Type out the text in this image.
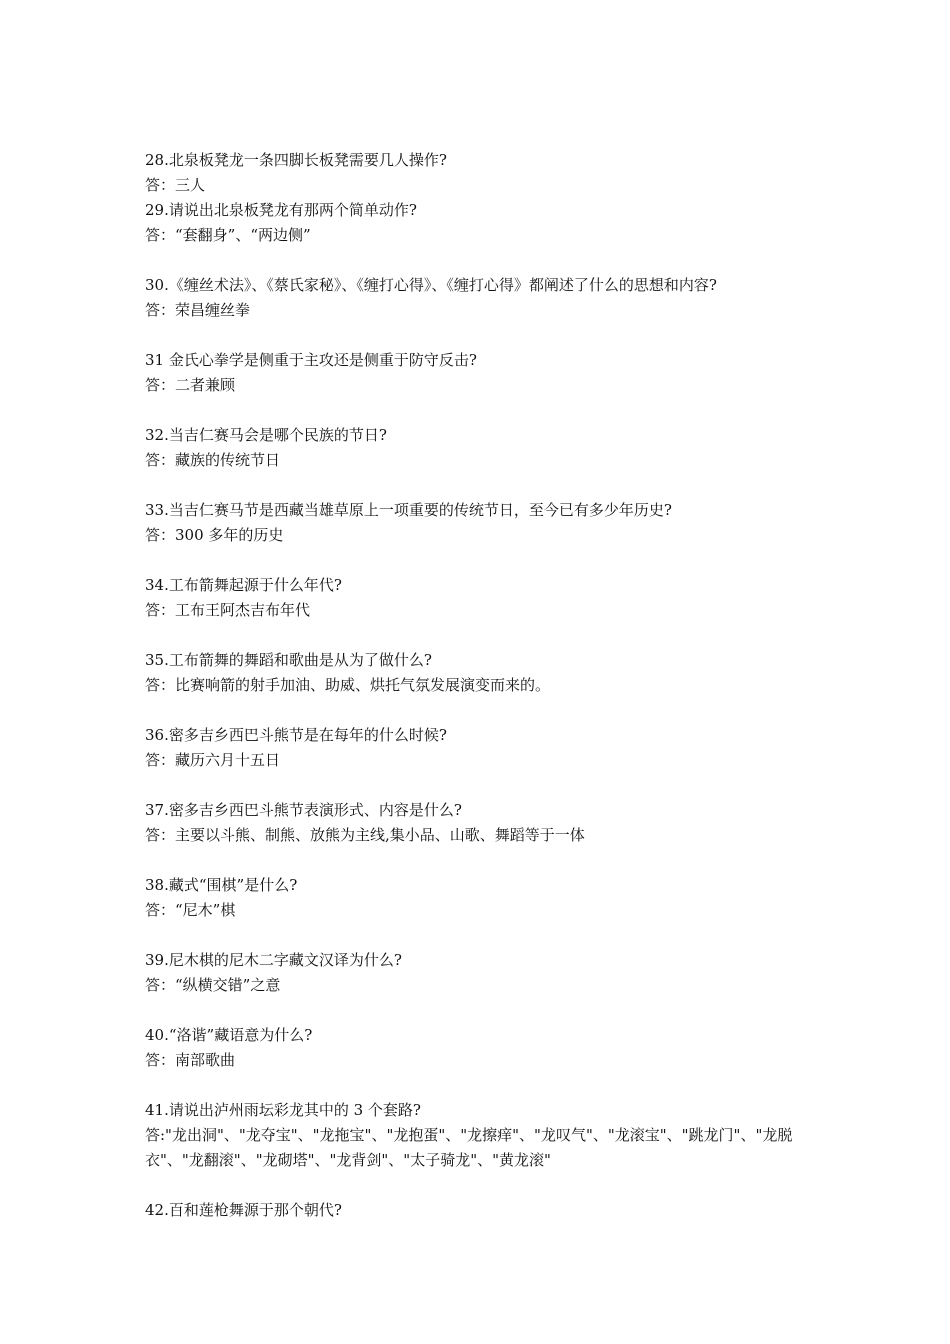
28.北泉板凳龙一条四脚长板凳需要几人操作?
答：三人
29.请说出北泉板凳龙有那两个简单动作?
答：“套翻身”、“两边侧”
30.《缠丝术法》、《蔡氏家秘》、《缠打心得》、《缠打心得》都阐述了什么的思想和内容?
答：荣昌缠丝拳
31 金氏心拳学是侧重于主攻还是侧重于防守反击?
答：二者兼顾
32.当吉仁赛马会是哪个民族的节日?
答：藏族的传统节日
33.当吉仁赛马节是西藏当雄草原上一项重要的传统节日，至今已有多少年历史?
答：300 多年的历史
34.工布箭舞起源于什么年代?
答：工布王阿杰吉布年代
35.工布箭舞的舞蹈和歌曲是从为了做什么?
答：比赛响箭的射手加油、助威、烘托气氛发展演变而来的。
36.密多吉乡西巴斗熊节是在每年的什么时候?
答：藏历六月十五日
37.密多吉乡西巴斗熊节表演形式、内容是什么?
答：主要以斗熊、制熊、放熊为主线,集小品、山歌、舞蹈等于一体
38.藏式“围棋”是什么?
答：“尼木”棋
39.尼木棋的尼木二字藏文汉译为什么?
答：“纵横交错”之意
40.“洛谐”藏语意为什么?
答：南部歌曲
41.请说出泸州雨坛彩龙其中的 3 个套路?
答:"龙出洞"、"龙夺宝"、"龙拖宝"、"龙抱蛋"、"龙擦痒"、"龙叹气"、"龙滚宝"、"跳龙门"、"龙脱衣"、"龙翻滚"、"龙砌塔"、"龙背剑"、"太子骑龙"、"黄龙滚"
42.百和莲枪舞源于那个朝代?
